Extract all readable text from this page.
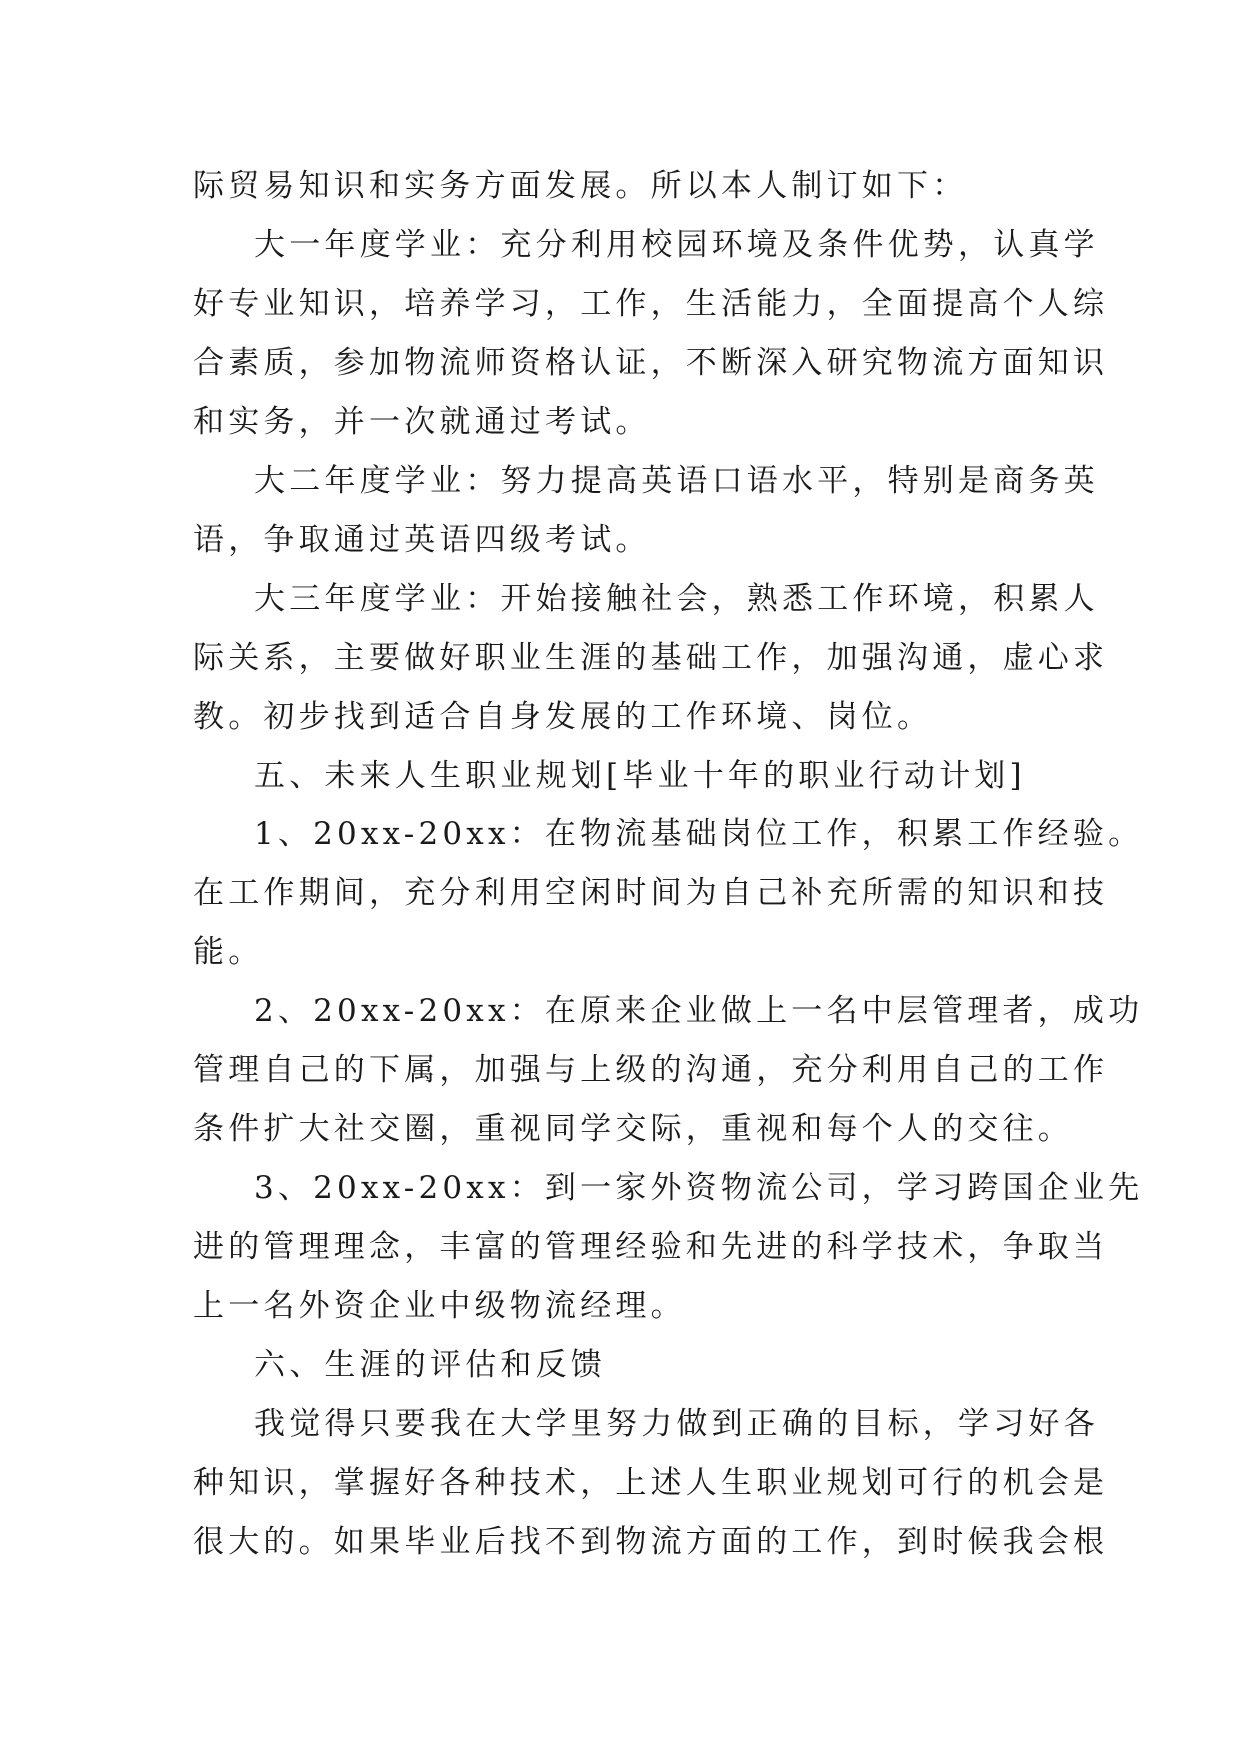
际贸易知识和实务方面发展。所以本人制订如下：
大一年度学业：充分利用校园环境及条件优势，认真学
好专业知识，培养学习，工作，生活能力，全面提高个人综
合素质，参加物流师资格认证，不断深入研究物流方面知识
和实务，并一次就通过考试。
大二年度学业：努力提高英语口语水平，特别是商务英
语，争取通过英语四级考试。
大三年度学业：开始接触社会，熟悉工作环境，积累人
际关系，主要做好职业生涯的基础工作，加强沟通，虚心求
教。初步找到适合自身发展的工作环境、岗位。
五、未来人生职业规划[毕业十年的职业行动计划]
1、20xx-20xx：在物流基础岗位工作，积累工作经验。
在工作期间，充分利用空闲时间为自己补充所需的知识和技
能。
2、20xx-20xx：在原来企业做上一名中层管理者，成功
管理自己的下属，加强与上级的沟通，充分利用自己的工作
条件扩大社交圈，重视同学交际，重视和每个人的交往。
3、20xx-20xx：到一家外资物流公司，学习跨国企业先
进的管理理念，丰富的管理经验和先进的科学技术，争取当
上一名外资企业中级物流经理。
六、生涯的评估和反馈
我觉得只要我在大学里努力做到正确的目标，学习好各
种知识，掌握好各种技术，上述人生职业规划可行的机会是
很大的。如果毕业后找不到物流方面的工作，到时候我会根
